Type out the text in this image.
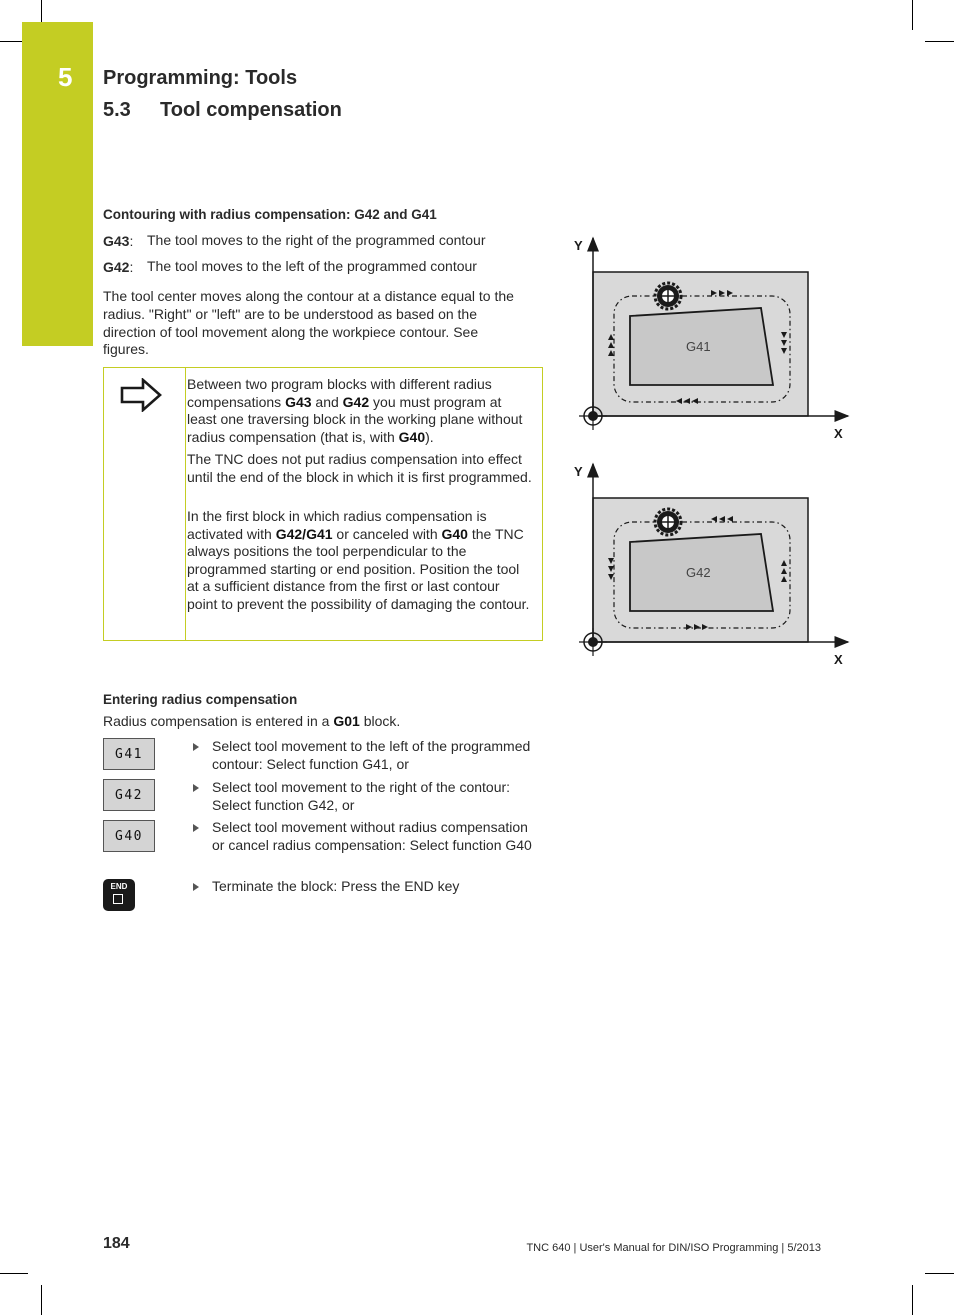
5 Programming: Tools
5.3 Tool compensation
Contouring with radius compensation: G42 and G41
G43: The tool moves to the right of the programmed contour
G42: The tool moves to the left of the programmed contour
The tool center moves along the contour at a distance equal to the radius. "Right" or "left" are to be understood as based on the direction of tool movement along the workpiece contour. See figures.
Between two program blocks with different radius compensations G43 and G42 you must program at least one traversing block in the working plane without radius compensation (that is, with G40).
The TNC does not put radius compensation into effect until the end of the block in which it is first programmed.
In the first block in which radius compensation is activated with G42/G41 or canceled with G40 the TNC always positions the tool perpendicular to the programmed starting or end position. Position the tool at a sufficient distance from the first or last contour point to prevent the possibility of damaging the contour.
G41
Y
X
G42
Y
X
Entering radius compensation
Radius compensation is entered in a G01 block.
G41
Select tool movement to the left of the programmed contour: Select function G41, or
G42
Select tool movement to the right of the contour: Select function G42, or
G40
Select tool movement without radius compensation or cancel radius compensation: Select function G40
END	Terminate the block: Press the END key
184	TNC 640 | User's Manual for DIN/ISO Programming | 5/2013
